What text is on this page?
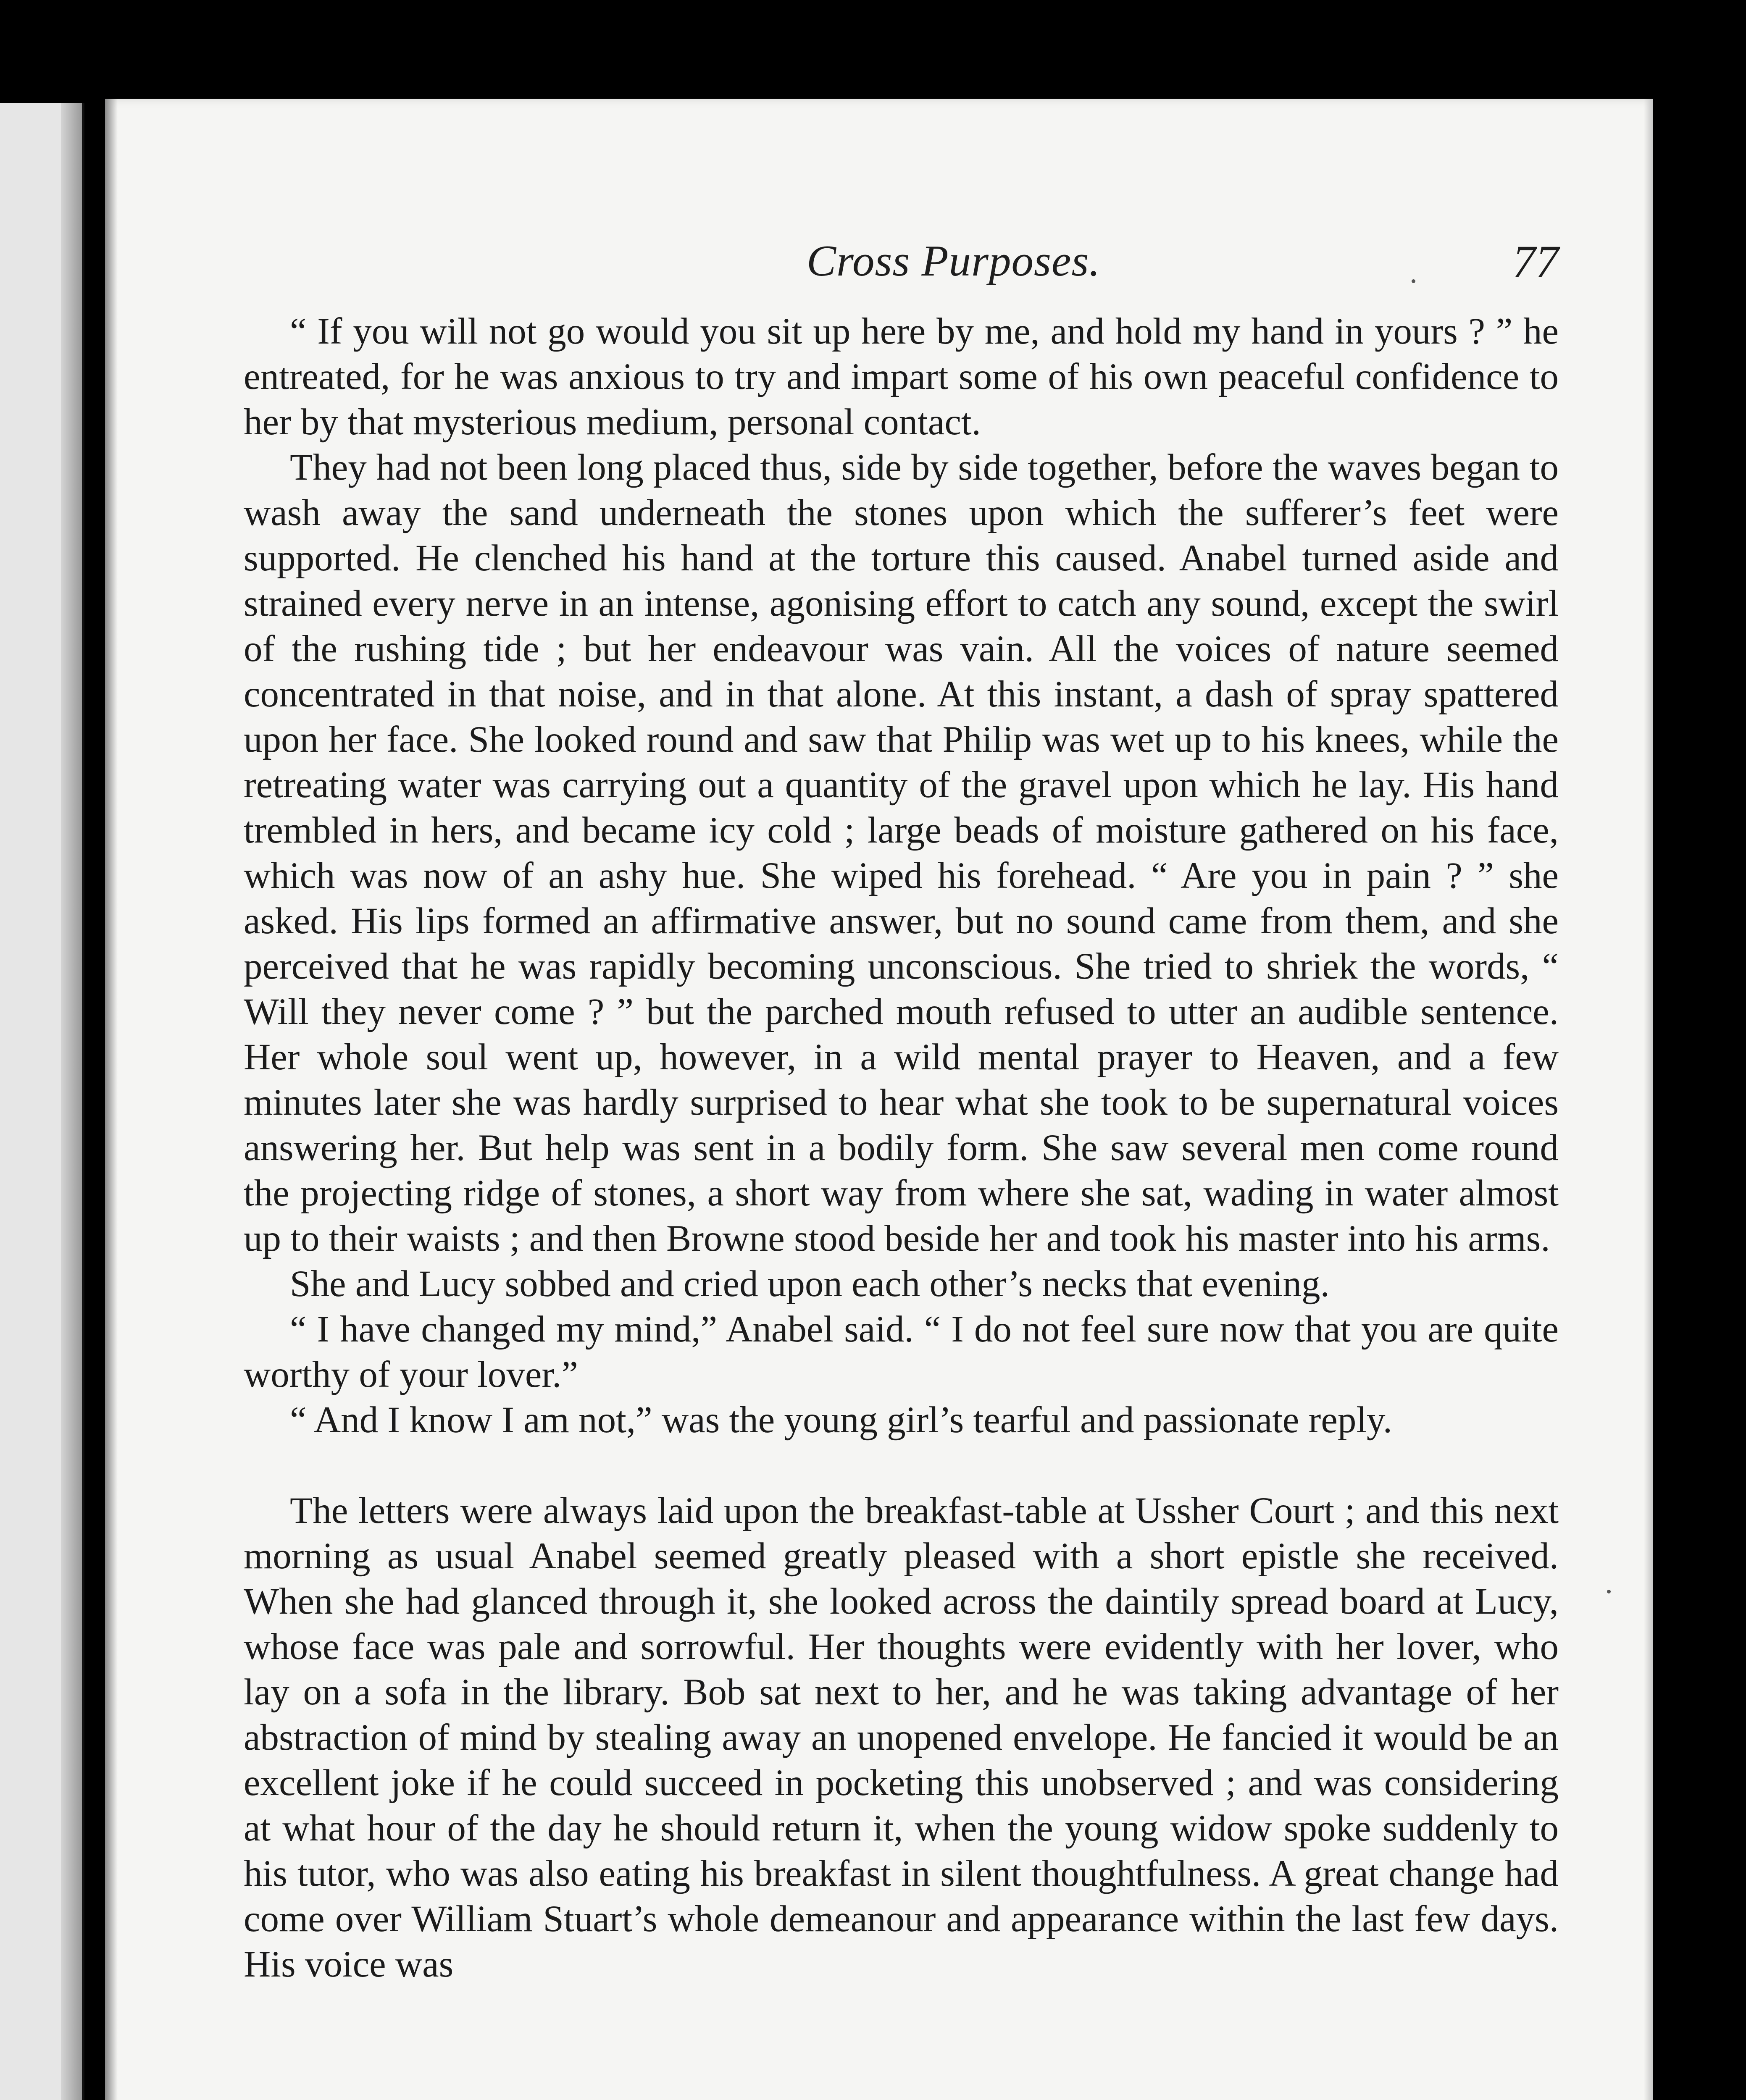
Cross Purposes.	77

“ If you will not go would you sit up here by me, and hold my hand in yours ? ” he entreated, for he was anxious to try and impart some of his own peaceful confidence to her by that mysterious medium, personal contact.

They had not been long placed thus, side by side together, before the waves began to wash away the sand underneath the stones upon which the sufferer’s feet were supported. He clenched his hand at the torture this caused. Anabel turned aside and strained every nerve in an intense, agonising effort to catch any sound, except the swirl of the rushing tide ; but her endeavour was vain. All the voices of nature seemed concentrated in that noise, and in that alone. At this instant, a dash of spray spattered upon her face. She looked round and saw that Philip was wet up to his knees, while the retreating water was carrying out a quantity of the gravel upon which he lay. His hand trembled in hers, and became icy cold ; large beads of moisture gathered on his face, which was now of an ashy hue. She wiped his forehead. “ Are you in pain ? ” she asked. His lips formed an affirmative answer, but no sound came from them, and she perceived that he was rapidly becoming unconscious. She tried to shriek the words, “ Will they never come ? ” but the parched mouth refused to utter an audible sentence. Her whole soul went up, however, in a wild mental prayer to Heaven, and a few minutes later she was hardly surprised to hear what she took to be supernatural voices answering her. But help was sent in a bodily form. She saw several men come round the projecting ridge of stones, a short way from where she sat, wading in water almost up to their waists ; and then Browne stood beside her and took his master into his arms.

She and Lucy sobbed and cried upon each other’s necks that evening.

“ I have changed my mind,” Anabel said. “ I do not feel sure now that you are quite worthy of your lover.”

“ And I know I am not,” was the young girl’s tearful and passionate reply.

The letters were always laid upon the breakfast-table at Ussher Court ; and this next morning as usual Anabel seemed greatly pleased with a short epistle she received. When she had glanced through it, she looked across the daintily spread board at Lucy, whose face was pale and sorrowful. Her thoughts were evidently with her lover, who lay on a sofa in the library. Bob sat next to her, and he was taking advantage of her abstraction of mind by stealing away an unopened envelope. He fancied it would be an excellent joke if he could succeed in pocketing this unobserved ; and was considering at what hour of the day he should return it, when the young widow spoke suddenly to his tutor, who was also eating his breakfast in silent thoughtfulness. A great change had come over William Stuart’s whole demeanour and appearance within the last few days. His voice was
